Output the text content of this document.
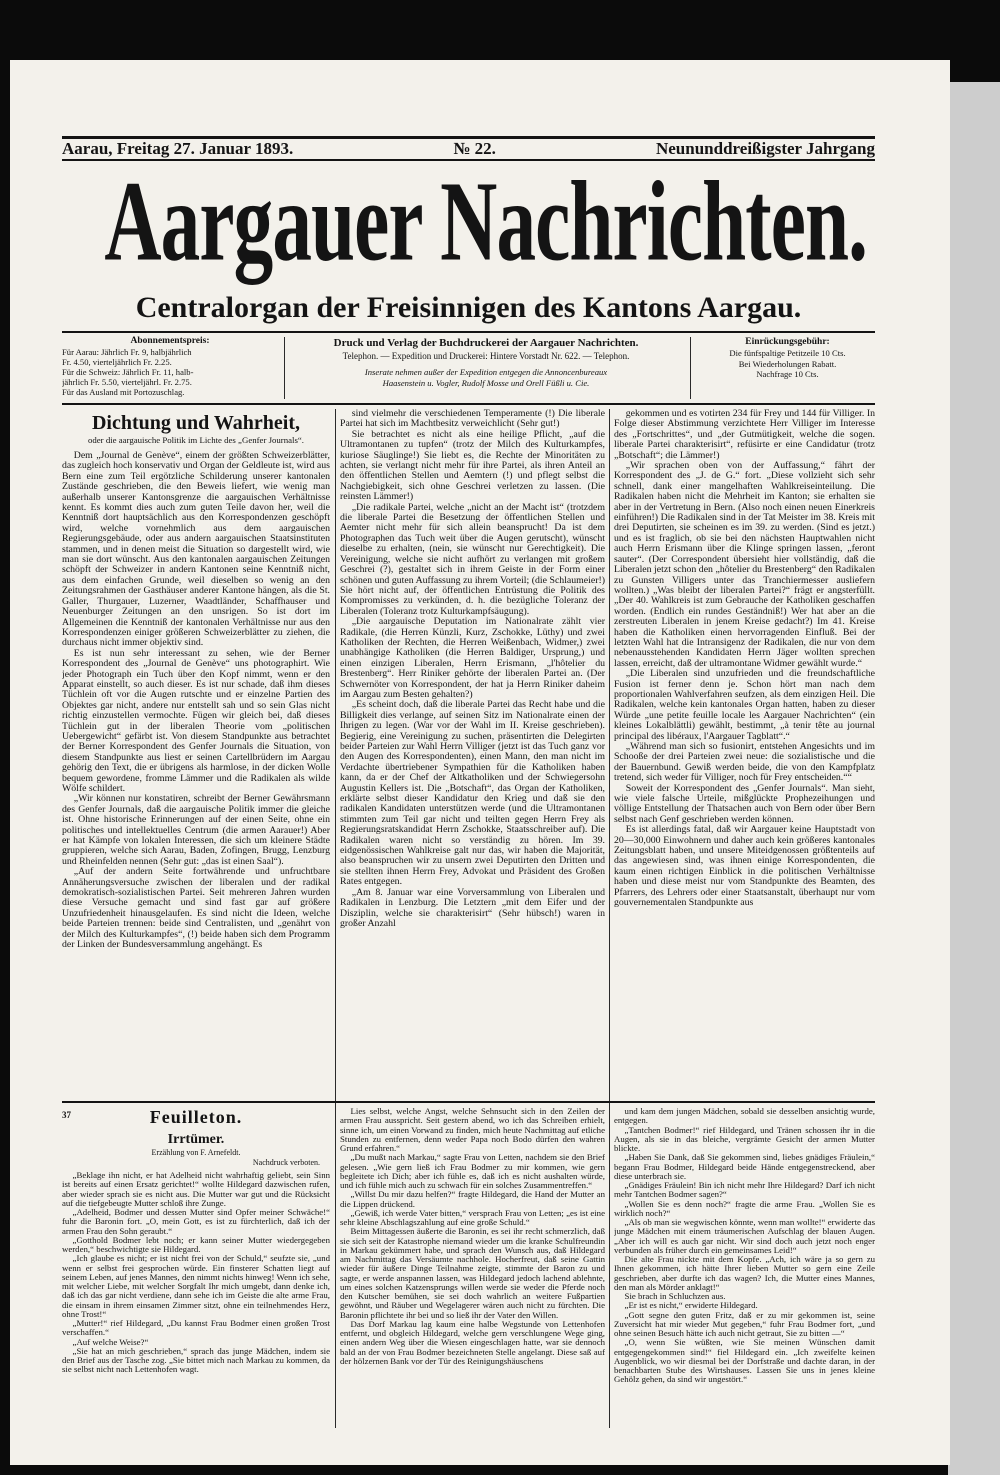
Aarau, Freitag 27. Januar 1893.	№ 22.	Neununddreißigster Jahrgang
Aargauer Nachrichten.
Centralorgan der Freisinnigen des Kantons Aargau.
Abonnementspreis:

Für Aarau: Jährlich Fr. 9, halbjährlich

Fr. 4.50, vierteljährlich Fr. 2.25.

Für die Schweiz: Jährlich Fr. 11, halb-

jährlich Fr. 5.50, vierteljährl. Fr. 2.75.

Für das Ausland mit Portozuschlag.

Druck und Verlag der Buchdruckerei der Aargauer Nachrichten.
Telephon. — Expedition und Druckerei: Hintere Vorstadt Nr. 622. — Telephon.
Inserate nehmen außer der Expedition entgegen die Annoncenbureaux
Haasenstein u. Vogler, Rudolf Mosse und Orell Füßli u. Cie.
Einrückungsgebühr:

Die fünfspaltige Petitzeile 10 Cts.

Bei Wiederholungen Rabatt.

Nachfrage 10 Cts.

Dichtung und Wahrheit,
oder die aargauische Politik im Lichte des „Genfer Journals“.

Dem „Journal de Genève“, einem der größten Schweizerblätter, das zugleich hoch konservativ und Organ der Geldleute ist, wird aus Bern eine zum Teil ergötzliche Schilderung unserer kantonalen Zustände geschrieben, die den Beweis liefert, wie wenig man außerhalb unserer Kantonsgrenze die aargauischen Verhältnisse kennt. Es kommt dies auch zum guten Teile davon her, weil die Kenntniß dort hauptsächlich aus den Korrespondenzen geschöpft wird, welche vornehmlich aus dem aargauischen Regierungsgebäude, oder aus andern aargauischen Staatsinstituten stammen, und in denen meist die Situation so dargestellt wird, wie man sie dort wünscht. Aus den kantonalen aargauischen Zeitungen schöpft der Schweizer in andern Kantonen seine Kenntniß nicht, aus dem einfachen Grunde, weil dieselben so wenig an den Zeitungsrahmen der Gasthäuser anderer Kantone hängen, als die St. Galler, Thurgauer, Luzerner, Waadtländer, Schaffhauser und Neuenburger Zeitungen an den unsrigen. So ist dort im Allgemeinen die Kenntniß der kantonalen Verhältnisse nur aus den Korrespondenzen einiger größeren Schweizerblätter zu ziehen, die durchaus nicht immer objektiv sind.

Es ist nun sehr interessant zu sehen, wie der Berner Korrespondent des „Journal de Genève“ uns photographirt. Wie jeder Photograph ein Tuch über den Kopf nimmt, wenn er den Apparat einstellt, so auch dieser. Es ist nur schade, daß ihm dieses Tüchlein oft vor die Augen rutschte und er einzelne Partien des Objektes gar nicht, andere nur entstellt sah und so sein Glas nicht richtig einzustellen vermochte. Fügen wir gleich bei, daß dieses Tüchlein gut in der liberalen Theorie vom „politischen Uebergewicht“ gefärbt ist. Von diesem Standpunkte aus betrachtet der Berner Korrespondent des Genfer Journals die Situation, von diesem Standpunkte aus liest er seinen Cartellbrüdern im Aargau gehörig den Text, die er übrigens als harmlose, in der dicken Wolle bequem gewordene, fromme Lämmer und die Radikalen als wilde Wölfe schildert.

„Wir können nur konstatiren, schreibt der Berner Gewährsmann des Genfer Journals, daß die aargauische Politik immer die gleiche ist. Ohne historische Erinnerungen auf der einen Seite, ohne ein politisches und intellektuelles Centrum (die armen Aarauer!) Aber er hat Kämpfe von lokalen Interessen, die sich um kleinere Städte gruppieren, welche sich Aarau, Baden, Zofingen, Brugg, Lenzburg und Rheinfelden nennen (Sehr gut: „das ist einen Saal“).

„Auf der andern Seite fortwährende und unfruchtbare Annäherungsversuche zwischen der liberalen und der radikal demokratisch-sozialistischen Partei. Seit mehreren Jahren wurden diese Versuche gemacht und sind fast gar auf größere Unzufriedenheit hinausgelaufen. Es sind nicht die Ideen, welche beide Parteien trennen: beide sind Centralisten, und „genährt von der Milch des Kulturkampfes“, (!) beide haben sich dem Programm der Linken der Bundesversammlung angehängt. Es

sind vielmehr die verschiedenen Temperamente (!) Die liberale Partei hat sich im Machtbesitz verweichlicht (Sehr gut!)

Sie betrachtet es nicht als eine heilige Pflicht, „auf die Ultramontanen zu tupfen“ (trotz der Milch des Kulturkampfes, kuriose Säuglinge!) Sie liebt es, die Rechte der Minoritäten zu achten, sie verlangt nicht mehr für ihre Partei, als ihren Anteil an den öffentlichen Stellen und Aemtern (!) und pflegt selbst die Nachgiebigkeit, sich ohne Geschrei verletzen zu lassen. (Die reinsten Lämmer!)

„Die radikale Partei, welche „nicht an der Macht ist“ (trotzdem die liberale Partei die Besetzung der öffentlichen Stellen und Aemter nicht mehr für sich allein beansprucht! Da ist dem Photographen das Tuch weit über die Augen gerutscht), wünscht dieselbe zu erhalten, (nein, sie wünscht nur Gerechtigkeit). Die Vereinigung, welche sie nicht aufhört zu verlangen mit großem Geschrei (?), gestaltet sich in ihrem Geiste in der Form einer schönen und guten Auffassung zu ihrem Vorteil; (die Schlaumeier!) Sie hört nicht auf, der öffentlichen Entrüstung die Politik des Kompromisses zu verkünden, d. h. die bezügliche Toleranz der Liberalen (Toleranz trotz Kulturkampfsäugung).

„Die aargauische Deputation im Nationalrate zählt vier Radikale, (die Herren Künzli, Kurz, Zschokke, Lüthy) und zwei Katholiken der Rechten, die Herren Weißenbach, Widmer,) zwei unabhängige Katholiken (die Herren Baldiger, Ursprung,) und einen einzigen Liberalen, Herrn Erismann, „l'hôtelier du Brestenberg“. Herr Riniker gehörte der liberalen Partei an. (Der Schwernöter von Korrespondent, der hat ja Herrn Riniker daheim im Aargau zum Besten gehalten?)

„Es scheint doch, daß die liberale Partei das Recht habe und die Billigkeit dies verlange, auf seinen Sitz im Nationalrate einen der Ihrigen zu legen. (War vor der Wahl im II. Kreise geschrieben). Begierig, eine Vereinigung zu suchen, präsentirten die Delegirten beider Parteien zur Wahl Herrn Villiger (jetzt ist das Tuch ganz vor den Augen des Korrespondenten), einen Mann, den man nicht im Verdachte übertriebener Sympathien für die Katholiken haben kann, da er der Chef der Altkatholiken und der Schwiegersohn Augustin Kellers ist. Die „Botschaft“, das Organ der Katholiken, erklärte selbst dieser Kandidatur den Krieg und daß sie den radikalen Kandidaten unterstützen werde (und die Ultramontanen stimmten zum Teil gar nicht und teilten gegen Herrn Frey als Regierungsratskandidat Herrn Zschokke, Staatsschreiber auf). Die Radikalen waren nicht so verständig zu hören. Im 39. eidgenössischen Wahlkreise galt nur das, wir haben die Majorität, also beanspruchen wir zu unsern zwei Deputirten den Dritten und sie stellten ihnen Herrn Frey, Advokat und Präsident des Großen Rates entgegen.

„Am 8. Januar war eine Vorversammlung von Liberalen und Radikalen in Lenzburg. Die Letztern „mit dem Eifer und der Disziplin, welche sie charakterisirt“ (Sehr hübsch!) waren in großer Anzahl

gekommen und es votirten 234 für Frey und 144 für Villiger. In Folge dieser Abstimmung verzichtete Herr Villiger im Interesse des „Fortschrittes“, und „der Gutmütigkeit, welche die sogen. liberale Partei charakterisirt“, refüsirte er eine Candidatur (trotz „Botschaft“; die Lämmer!)

„Wir sprachen oben von der Auffassung,“ fährt der Korrespondent des „J. de G.“ fort. „Diese vollzieht sich sehr schnell, dank einer mangelhaften Wahlkreiseinteilung. Die Radikalen haben nicht die Mehrheit im Kanton; sie erhalten sie aber in der Vertretung in Bern. (Also noch einen neuen Einerkreis einführen!) Die Radikalen sind in der Tat Meister im 38. Kreis mit drei Deputirten, sie scheinen es im 39. zu werden. (Sind es jetzt.) und es ist fraglich, ob sie bei den nächsten Hauptwahlen nicht auch Herrn Erismann über die Klinge springen lassen, „feront sauter“. (Der Correspondent übersieht hier vollständig, daß die Liberalen jetzt schon den „hôtelier du Brestenberg“ den Radikalen zu Gunsten Villigers unter das Tranchiermesser ausliefern wollten.) „Was bleibt der liberalen Partei?“ frägt er angsterfüllt. „Der 40. Wahlkreis ist zum Gebrauche der Katholiken geschaffen worden. (Endlich ein rundes Geständniß!) Wer hat aber an die zerstreuten Liberalen in jenem Kreise gedacht?) Im 41. Kreise haben die Katholiken einen hervorragenden Einfluß. Bei der letzten Wahl hat die Intransigenz der Radikalen, die nur von dem nebenausstehenden Kandidaten Herrn Jäger wollten sprechen lassen, erreicht, daß der ultramontane Widmer gewählt wurde.“

„Die Liberalen sind unzufrieden und die freundschaftliche Fusion ist ferner denn je. Schon hört man nach dem proportionalen Wahlverfahren seufzen, als dem einzigen Heil. Die Radikalen, welche kein kantonales Organ hatten, haben zu dieser Würde „une petite feuille locale les Aargauer Nachrichten“ (ein kleines Lokalblättli) gewählt, bestimmt, „à tenir tête au journal principal des libéraux, l'Aargauer Tagblatt“.“

„Während man sich so fusionirt, entstehen Angesichts und im Schooße der drei Parteien zwei neue: die sozialistische und die der Bauernbund. Gewiß werden beide, die von den Kampfplatz tretend, sich weder für Villiger, noch für Frey entscheiden.““

Soweit der Korrespondent des „Genfer Journals“. Man sieht, wie viele falsche Urteile, mißglückte Prophezeihungen und völlige Entstellung der Thatsachen auch von Bern oder über Bern selbst nach Genf geschrieben werden können.

Es ist allerdings fatal, daß wir Aargauer keine Hauptstadt von 20—30,000 Einwohnern und daher auch kein größeres kantonales Zeitungsblatt haben, und unsere Miteidgenossen größtenteils auf das angewiesen sind, was ihnen einige Korrespondenten, die kaum einen richtigen Einblick in die politischen Verhältnisse haben und diese meist nur vom Standpunkte des Beamten, des Pfarrers, des Lehrers oder einer Staatsanstalt, überhaupt nur vom gouvernementalen Standpunkte aus

37	Feuilleton.
Irrtümer.
Erzählung von F. Arnefeldt.
Nachdruck verboten.

„Beklage ihn nicht, er hat Adelheid nicht wahrhaftig geliebt, sein Sinn ist bereits auf einen Ersatz gerichtet!“ wollte Hildegard dazwischen rufen, aber wieder sprach sie es nicht aus. Die Mutter war gut und die Rücksicht auf die tiefgebeugte Mutter schloß ihre Zunge.

„Adelheid, Bodmer und dessen Mutter sind Opfer meiner Schwäche!“ fuhr die Baronin fort. „O, mein Gott, es ist zu fürchterlich, daß ich der armen Frau den Sohn geraubt.“

„Gotthold Bodmer lebt noch; er kann seiner Mutter wiedergegeben werden,“ beschwichtigte sie Hildegard.

„Ich glaube es nicht; er ist nicht frei von der Schuld,“ seufzte sie, „und wenn er selbst frei gesprochen würde. Ein finsterer Schatten liegt auf seinem Leben, auf jenes Mannes, den nimmt nichts hinweg! Wenn ich sehe, mit welcher Liebe, mit welcher Sorgfalt Ihr mich umgebt, dann denke ich, daß ich das gar nicht verdiene, dann sehe ich im Geiste die alte arme Frau, die einsam in ihrem einsamen Zimmer sitzt, ohne ein teilnehmendes Herz, ohne Trost!“

„Mutter!“ rief Hildegard, „Du kannst Frau Bodmer einen großen Trost verschaffen.“

„Auf welche Weise?“

„Sie hat an mich geschrieben,“ sprach das junge Mädchen, indem sie den Brief aus der Tasche zog. „Sie bittet mich nach Markau zu kommen, da sie selbst nicht nach Lettenhofen wagt.

Lies selbst, welche Angst, welche Sehnsucht sich in den Zeilen der armen Frau ausspricht. Seit gestern abend, wo ich das Schreiben erhielt, sinne ich, um einen Vorwand zu finden, mich heute Nachmittag auf etliche Stunden zu entfernen, denn weder Papa noch Bodo dürfen den wahren Grund erfahren.“

„Du mußt nach Markau,“ sagte Frau von Letten, nachdem sie den Brief gelesen. „Wie gern ließ ich Frau Bodmer zu mir kommen, wie gern begleitete ich Dich; aber ich fühle es, daß ich es nicht aushalten würde, und ich fühle mich auch zu schwach für ein solches Zusammentreffen.“

„Willst Du mir dazu helfen?“ fragte Hildegard, die Hand der Mutter an die Lippen drückend.

„Gewiß, ich werde Vater bitten,“ versprach Frau von Letten; „es ist eine sehr kleine Abschlagszahlung auf eine große Schuld.“

Beim Mittagessen äußerte die Baronin, es sei ihr recht schmerzlich, daß sie sich seit der Katastrophe niemand wieder um die kranke Schulfreundin in Markau gekümmert habe, und sprach den Wunsch aus, daß Hildegard am Nachmittag das Versäumte nachhole. Hocherfreut, daß seine Gattin wieder für äußere Dinge Teilnahme zeigte, stimmte der Baron zu und sagte, er werde anspannen lassen, was Hildegard jedoch lachend ablehnte, um eines solchen Katzensprungs willen werde sie weder die Pferde noch den Kutscher bemühen, sie sei doch wahrlich an weitere Fußpartien gewöhnt, und Räuber und Wegelagerer wären auch nicht zu fürchten. Die Baronin pflichtete ihr bei und so ließ ihr der Vater den Willen.

Das Dorf Markau lag kaum eine halbe Wegstunde von Lettenhofen entfernt, und obgleich Hildegard, welche gern verschlungene Wege ging, einen andern Weg über die Wiesen eingeschlagen hatte, war sie dennoch bald an der von Frau Bodmer bezeichneten Stelle angelangt. Diese saß auf der hölzernen Bank vor der Tür des Reinigungshäuschens

und kam dem jungen Mädchen, sobald sie desselben ansichtig wurde, entgegen.

„Tantchen Bodmer!“ rief Hildegard, und Tränen schossen ihr in die Augen, als sie in das bleiche, vergrämte Gesicht der armen Mutter blickte.

„Haben Sie Dank, daß Sie gekommen sind, liebes gnädiges Fräulein,“ begann Frau Bodmer, Hildegard beide Hände entgegenstreckend, aber diese unterbrach sie.

„Gnädiges Fräulein! Bin ich nicht mehr Ihre Hildegard? Darf ich nicht mehr Tantchen Bodmer sagen?“

„Wollen Sie es denn noch?“ fragte die arme Frau. „Wollen Sie es wirklich noch?“

„Als ob man sie wegwischen könnte, wenn man wollte!“ erwiderte das junge Mädchen mit einem träumerischen Aufschlag der blauen Augen. „Aber ich will es auch gar nicht. Wir sind doch auch jetzt noch enger verbunden als früher durch ein gemeinsames Leid!“

Die alte Frau nickte mit dem Kopfe. „Ach, ich wäre ja so gern zu Ihnen gekommen, ich hätte Ihrer lieben Mutter so gern eine Zeile geschrieben, aber durfte ich das wagen? Ich, die Mutter eines Mannes, den man als Mörder anklagt!“

Sie brach in Schluchzen aus.

„Er ist es nicht,“ erwiderte Hildegard.

„Gott segne den guten Fritz, daß er zu mir gekommen ist, seine Zuversicht hat mir wieder Mut gegeben,“ fuhr Frau Bodmer fort, „und ohne seinen Besuch hätte ich auch nicht getraut, Sie zu bitten —“

„O, wenn Sie wüßten, wie Sie meinen Wünschen damit entgegengekommen sind!“ fiel Hildegard ein. „Ich zweifelte keinen Augenblick, wo wir diesmal bei der Dorfstraße und dachte daran, in der benachbarten Stube des Wirtshauses. Lassen Sie uns in jenes kleine Gehölz gehen, da sind wir ungestört.“
